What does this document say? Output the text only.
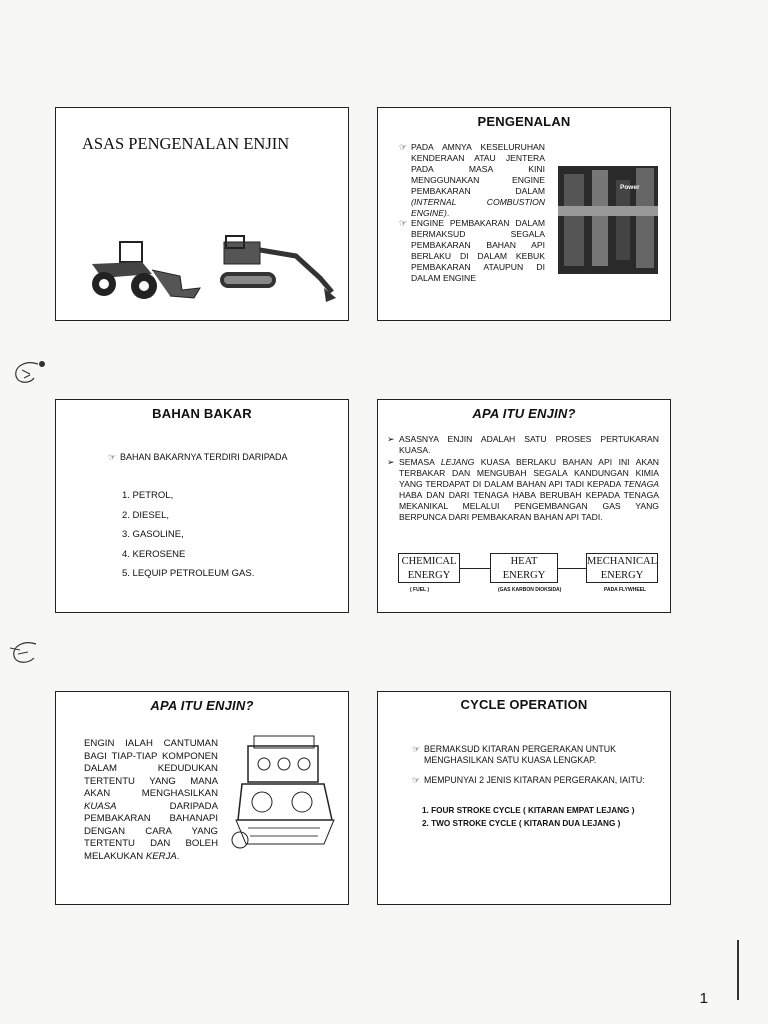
ASAS PENGENALAN ENJIN
PENGENALAN
☞ PADA AMNYA KESELURUHAN KENDERAAN ATAU JENTERA PADA MASA KINI MENGGUNAKAN ENGINE PEMBAKARAN DALAM (INTERNAL COMBUSTION ENGINE).
☞ ENGINE PEMBAKARAN DALAM BERMAKSUD SEGALA PEMBAKARAN BAHAN API BERLAKU DI DALAM KEBUK PEMBAKARAN ATAUPUN DI DALAM ENGINE
Power
BAHAN BAKAR
☞ BAHAN BAKARNYA TERDIRI DARIPADA
1. PETROL,
2. DIESEL,
3. GASOLINE,
4. KEROSENE
5. LEQUIP PETROLEUM GAS.
APA ITU ENJIN?
➢ ASASNYA ENJIN ADALAH SATU PROSES PERTUKARAN KUASA.
➢ SEMASA LEJANG KUASA BERLAKU BAHAN API INI AKAN TERBAKAR DAN MENGUBAH SEGALA KANDUNGAN KIMIA YANG TERDAPAT DI DALAM BAHAN API TADI KEPADA TENAGA HABA DAN DARI TENAGA HABA BERUBAH KEPADA TENAGA MEKANIKAL MELALUI PENGEMBANGAN GAS YANG BERPUNCA DARI PEMBAKARAN BAHAN API TADI.
CHEMICAL
ENERGY
HEAT
ENERGY
MECHANICAL
ENERGY
( FUEL )	(GAS KARBON DIOKSIDA)	PADA FLYWHEEL
APA ITU ENJIN?
ENGIN IALAH CANTUMAN BAGI TIAP-TIAP KOMPONEN DALAM KEDUDUKAN TERTENTU YANG MANA AKAN MENGHASILKAN KUASA DARIPADA PEMBAKARAN BAHANAPI DENGAN CARA YANG TERTENTU DAN BOLEH MELAKUKAN KERJA.
CYCLE OPERATION
☞ BERMAKSUD KITARAN PERGERAKAN UNTUK MENGHASILKAN SATU KUASA LENGKAP.
☞ MEMPUNYAI 2 JENIS KITARAN PERGERAKAN, IAITU:
1. FOUR STROKE CYCLE ( KITARAN EMPAT LEJANG )
2. TWO STROKE CYCLE ( KITARAN DUA LEJANG )
1
